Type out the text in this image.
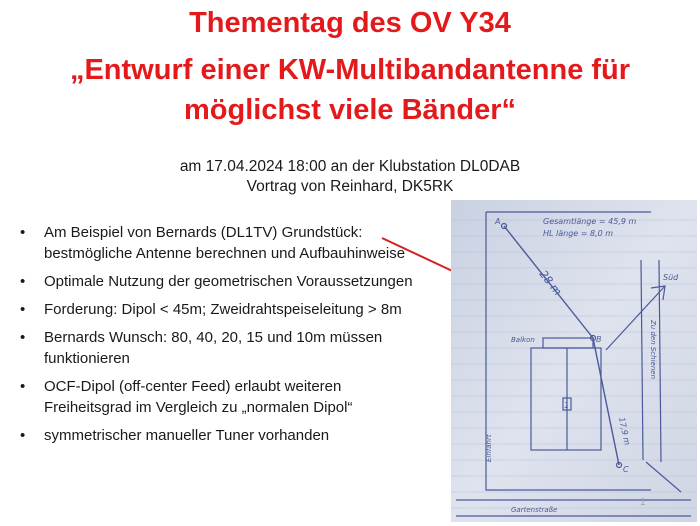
Thementag des OV Y34
„Entwurf einer KW-Multibandantenne für
möglichst viele Bänder“
am 17.04.2024 18:00 an der Klubstation DL0DAB
Vortrag von Reinhard, DK5RK
• Am Beispiel von Bernards (DL1TV) Grundstück: bestmögliche Antenne berechnen und Aufbauhinweise
• Optimale Nutzung der geometrischen Voraussetzungen
• Forderung: Dipol < 45m; Zweidrahtspeiseleitung > 8m
• Bernards Wunsch: 80, 40, 20, 15 und 10m müssen funktionieren
• OCF-Dipol (off-center Feed) erlaubt weiteren Freiheitsgrad im Vergleich zu „normalen Dipol“
• symmetrischer manueller Tuner vorhanden
Gesamtlänge = 45,9 m
HL länge = 8,0 m
28 m
17,9 m
Süd
Balkon
Gartenstraße
Zu den Schienen
Einfahrt
A
B
C
1
1
